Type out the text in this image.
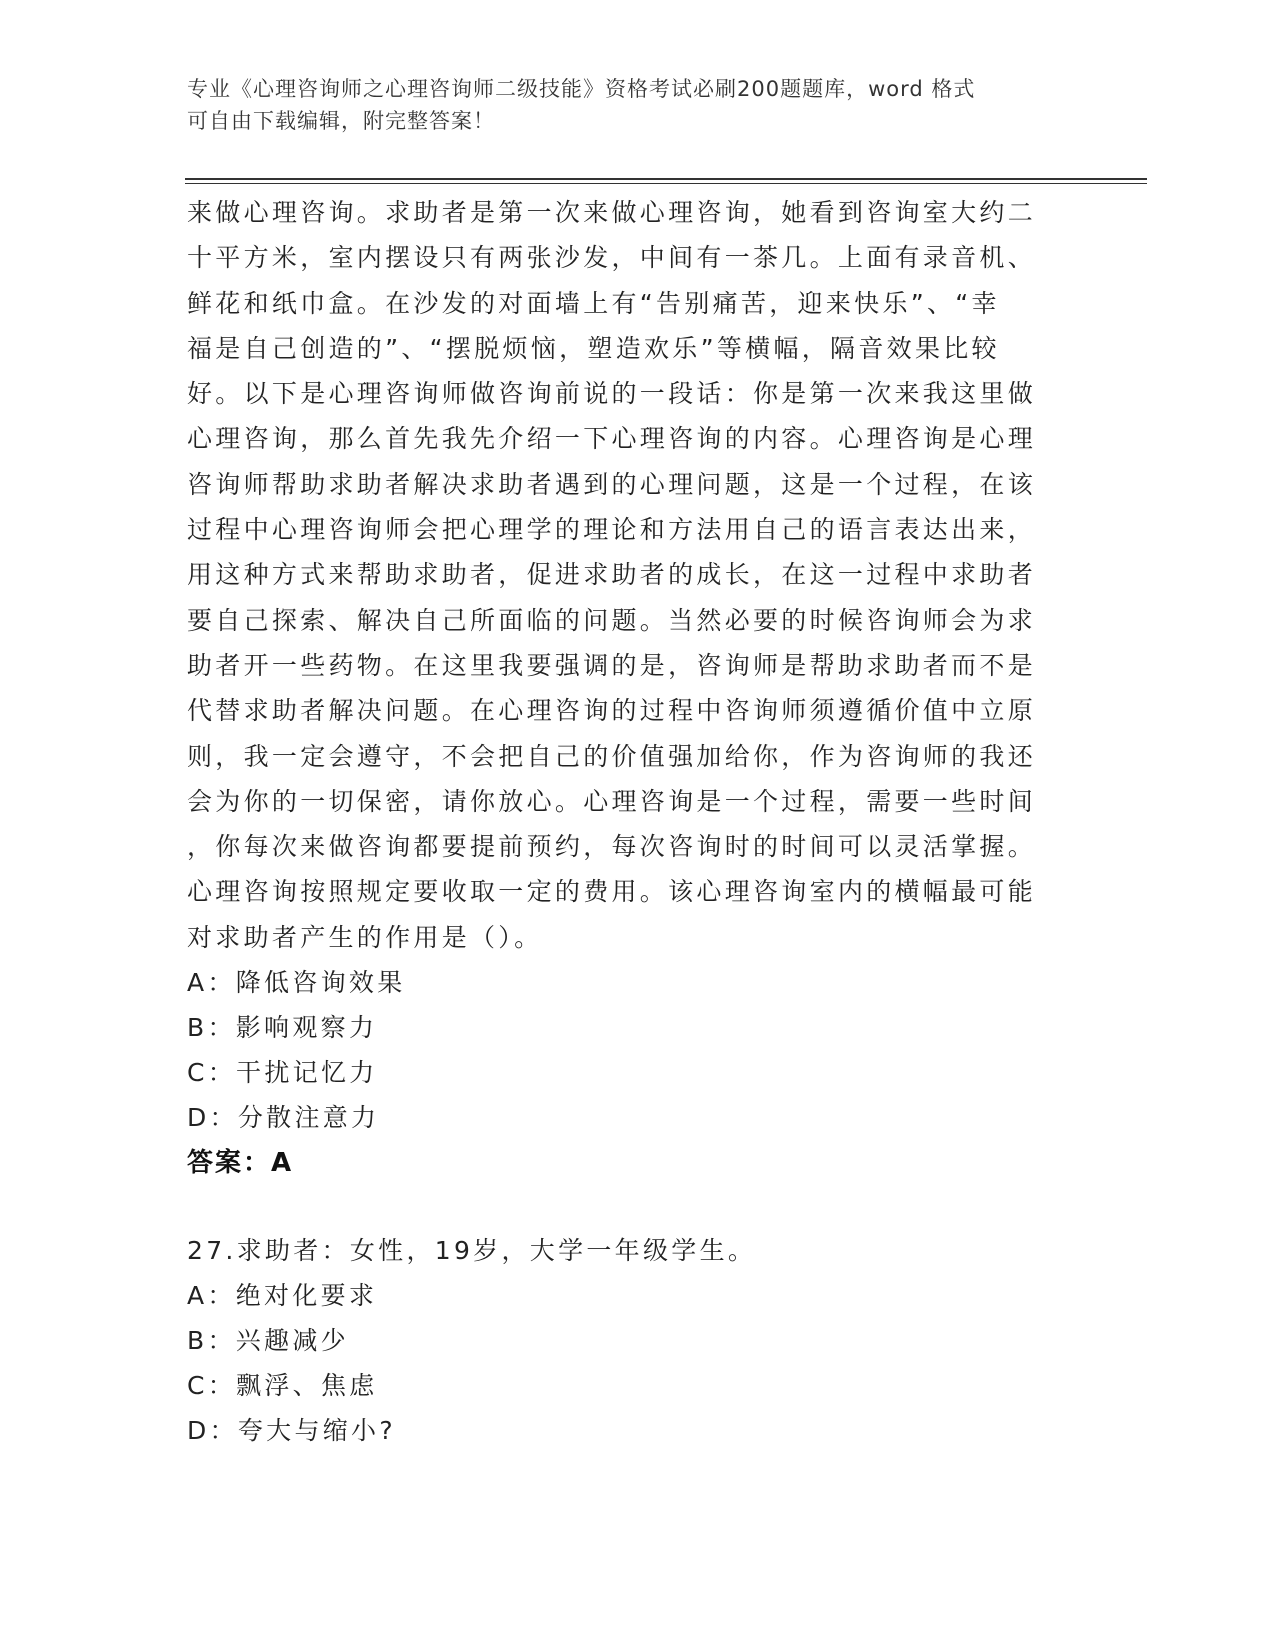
专业《心理咨询师之心理咨询师二级技能》资格考试必刷200题题库，word 格式
可自由下载编辑，附完整答案！

来做心理咨询。求助者是第一次来做心理咨询，她看到咨询室大约二

十平方米，室内摆设只有两张沙发，中间有一茶几。上面有录音机、

鲜花和纸巾盒。在沙发的对面墙上有“告别痛苦，迎来快乐”、“幸

福是自己创造的”、“摆脱烦恼，塑造欢乐”等横幅，隔音效果比较

好。以下是心理咨询师做咨询前说的一段话：你是第一次来我这里做

心理咨询，那么首先我先介绍一下心理咨询的内容。心理咨询是心理

咨询师帮助求助者解决求助者遇到的心理问题，这是一个过程，在该

过程中心理咨询师会把心理学的理论和方法用自己的语言表达出来，

用这种方式来帮助求助者，促进求助者的成长，在这一过程中求助者

要自己探索、解决自己所面临的问题。当然必要的时候咨询师会为求

助者开一些药物。在这里我要强调的是，咨询师是帮助求助者而不是

代替求助者解决问题。在心理咨询的过程中咨询师须遵循价值中立原

则，我一定会遵守，不会把自己的价值强加给你，作为咨询师的我还

会为你的一切保密，请你放心。心理咨询是一个过程，需要一些时间

，你每次来做咨询都要提前预约，每次咨询时的时间可以灵活掌握。

心理咨询按照规定要收取一定的费用。该心理咨询室内的横幅最可能

对求助者产生的作用是（）。

A：降低咨询效果

B：影响观察力

C：干扰记忆力

D：分散注意力

答案：A

27.求助者：女性，19岁，大学一年级学生。

A：绝对化要求

B：兴趣减少

C：飘浮、焦虑

D：夸大与缩小?
